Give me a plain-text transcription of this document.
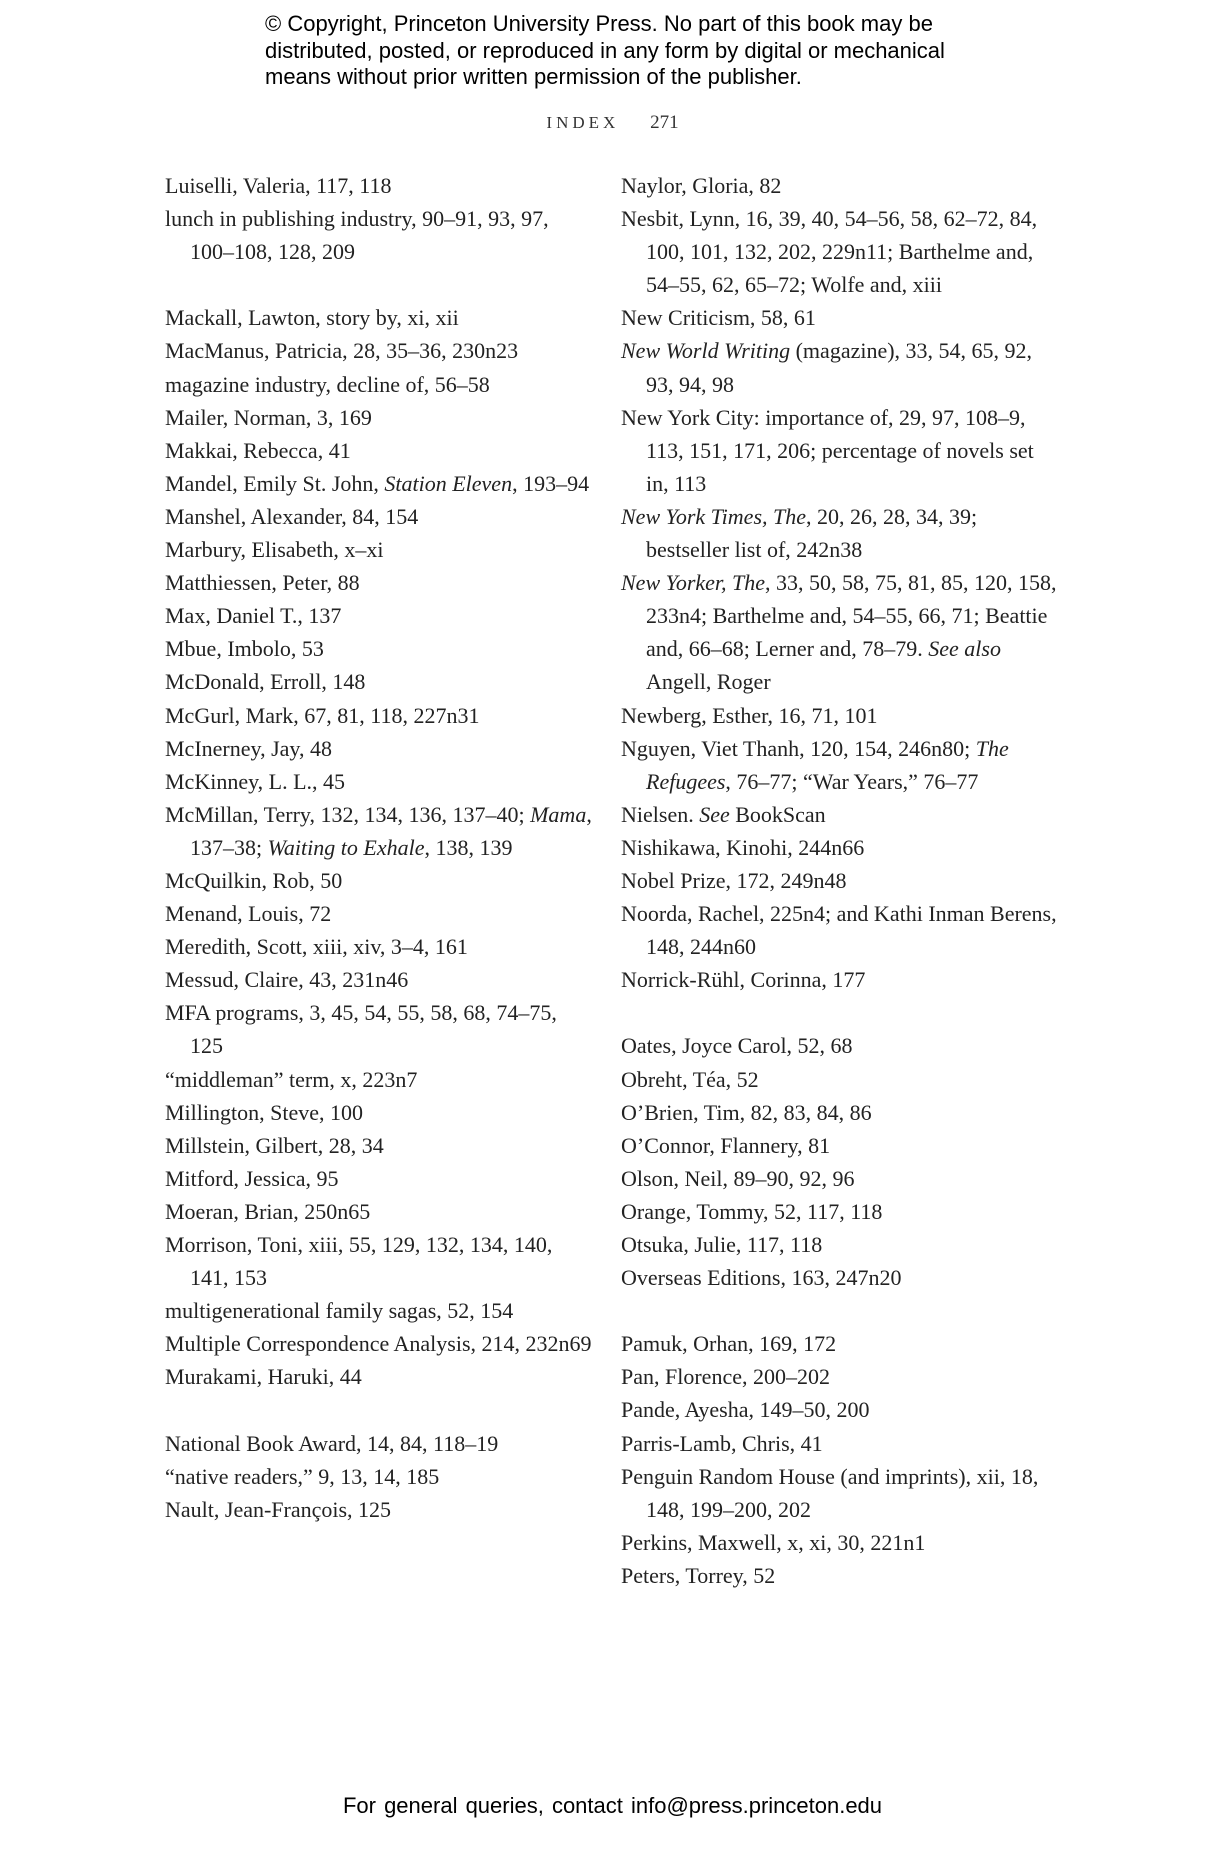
© Copyright, Princeton University Press. No part of this book may be
distributed, posted, or reproduced in any form by digital or mechanical
means without prior written permission of the publisher.
INDEX 271
Luiselli, Valeria, 117, 118
lunch in publishing industry, 90–91, 93, 97, 100–108, 128, 209
Mackall, Lawton, story by, xi, xii
MacManus, Patricia, 28, 35–36, 230n23
magazine industry, decline of, 56–58
Mailer, Norman, 3, 169
Makkai, Rebecca, 41
Mandel, Emily St. John, Station Eleven, 193–94
Manshel, Alexander, 84, 154
Marbury, Elisabeth, x–xi
Matthiessen, Peter, 88
Max, Daniel T., 137
Mbue, Imbolo, 53
McDonald, Erroll, 148
McGurl, Mark, 67, 81, 118, 227n31
McInerney, Jay, 48
McKinney, L. L., 45
McMillan, Terry, 132, 134, 136, 137–40; Mama, 137–38; Waiting to Exhale, 138, 139
McQuilkin, Rob, 50
Menand, Louis, 72
Meredith, Scott, xiii, xiv, 3–4, 161
Messud, Claire, 43, 231n46
MFA programs, 3, 45, 54, 55, 58, 68, 74–75, 125
“middleman” term, x, 223n7
Millington, Steve, 100
Millstein, Gilbert, 28, 34
Mitford, Jessica, 95
Moeran, Brian, 250n65
Morrison, Toni, xiii, 55, 129, 132, 134, 140, 141, 153
multigenerational family sagas, 52, 154
Multiple Correspondence Analysis, 214, 232n69
Murakami, Haruki, 44
National Book Award, 14, 84, 118–19
“native readers,” 9, 13, 14, 185
Nault, Jean-François, 125
Naylor, Gloria, 82
Nesbit, Lynn, 16, 39, 40, 54–56, 58, 62–72, 84, 100, 101, 132, 202, 229n11; Barthelme and, 54–55, 62, 65–72; Wolfe and, xiii
New Criticism, 58, 61
New World Writing (magazine), 33, 54, 65, 92, 93, 94, 98
New York City: importance of, 29, 97, 108–9, 113, 151, 171, 206; percentage of novels set in, 113
New York Times, The, 20, 26, 28, 34, 39; bestseller list of, 242n38
New Yorker, The, 33, 50, 58, 75, 81, 85, 120, 158, 233n4; Barthelme and, 54–55, 66, 71; Beattie and, 66–68; Lerner and, 78–79. See also Angell, Roger
Newberg, Esther, 16, 71, 101
Nguyen, Viet Thanh, 120, 154, 246n80; The Refugees, 76–77; “War Years,” 76–77
Nielsen. See BookScan
Nishikawa, Kinohi, 244n66
Nobel Prize, 172, 249n48
Noorda, Rachel, 225n4; and Kathi Inman Berens, 148, 244n60
Norrick-Rühl, Corinna, 177
Oates, Joyce Carol, 52, 68
Obreht, Téa, 52
O’Brien, Tim, 82, 83, 84, 86
O’Connor, Flannery, 81
Olson, Neil, 89–90, 92, 96
Orange, Tommy, 52, 117, 118
Otsuka, Julie, 117, 118
Overseas Editions, 163, 247n20
Pamuk, Orhan, 169, 172
Pan, Florence, 200–202
Pande, Ayesha, 149–50, 200
Parris-Lamb, Chris, 41
Penguin Random House (and imprints), xii, 18, 148, 199–200, 202
Perkins, Maxwell, x, xi, 30, 221n1
Peters, Torrey, 52
For general queries, contact info@press.princeton.edu
